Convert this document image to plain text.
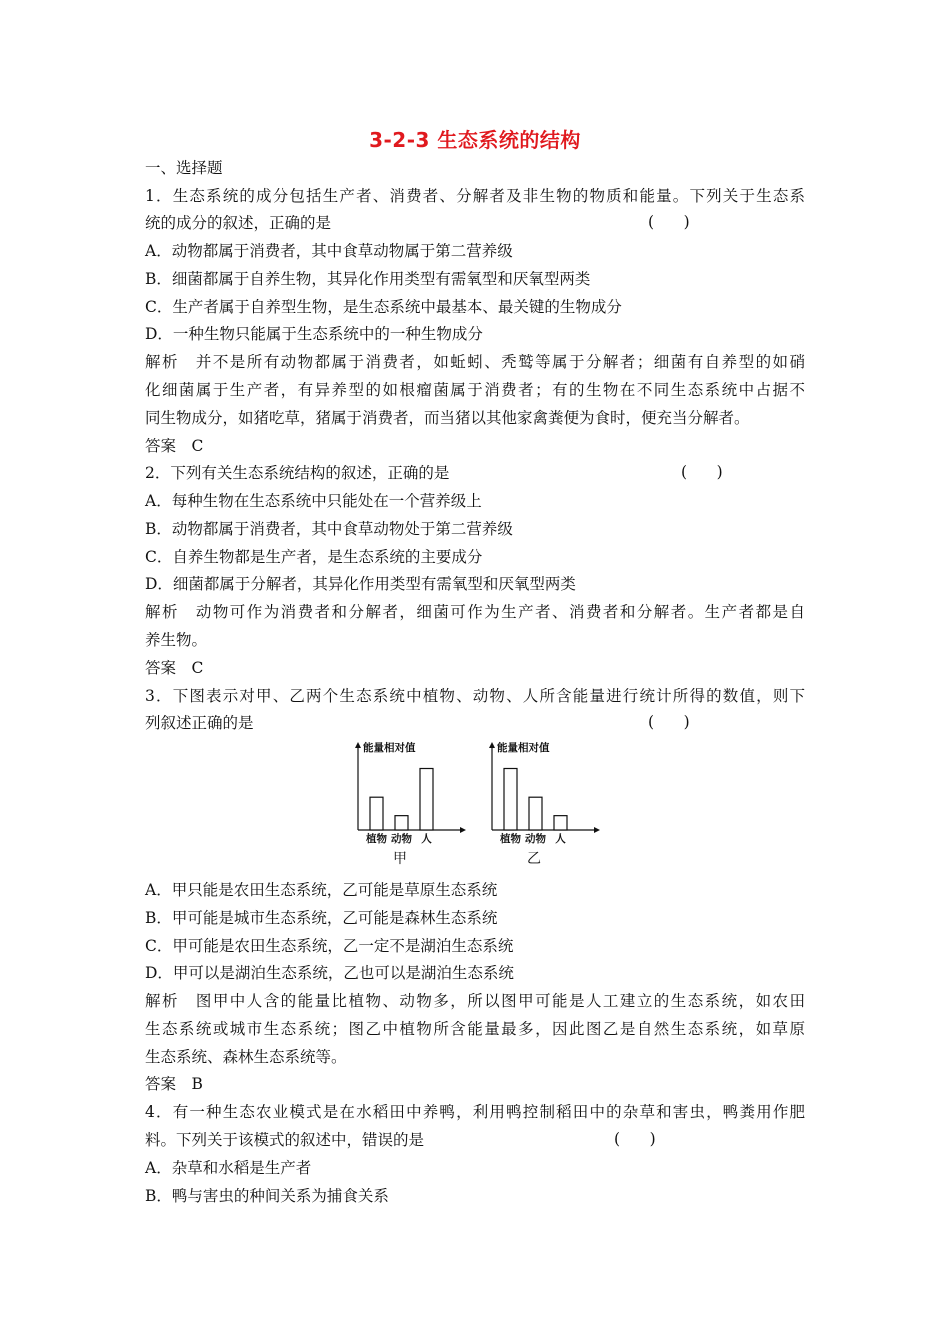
3-2-3 生态系统的结构
一、选择题
1．生态系统的成分包括生产者、消费者、分解者及非生物的物质和能量。下列关于生态系
统的成分的叙述，正确的是	(      )
A．动物都属于消费者，其中食草动物属于第二营养级
B．细菌都属于自养生物，其异化作用类型有需氧型和厌氧型两类
C．生产者属于自养型生物，是生态系统中最基本、最关键的生物成分
D．一种生物只能属于生态系统中的一种生物成分
解析　并不是所有动物都属于消费者，如蚯蚓、秃鹫等属于分解者；细菌有自养型的如硝
化细菌属于生产者，有异养型的如根瘤菌属于消费者；有的生物在不同生态系统中占据不
同生物成分，如猪吃草，猪属于消费者，而当猪以其他家禽粪便为食时，便充当分解者。
答案　C
2．下列有关生态系统结构的叙述，正确的是	(      )
A．每种生物在生态系统中只能处在一个营养级上
B．动物都属于消费者，其中食草动物处于第二营养级
C．自养生物都是生产者，是生态系统的主要成分
D．细菌都属于分解者，其异化作用类型有需氧型和厌氧型两类
解析　动物可作为消费者和分解者，细菌可作为生产者、消费者和分解者。生产者都是自
养生物。
答案　C
3．下图表示对甲、乙两个生态系统中植物、动物、人所含能量进行统计所得的数值，则下
列叙述正确的是	(      )
能量相对值
植物 动物 人
甲
能量相对值
植物 动物 人
乙
A．甲只能是农田生态系统，乙可能是草原生态系统
B．甲可能是城市生态系统，乙可能是森林生态系统
C．甲可能是农田生态系统，乙一定不是湖泊生态系统
D．甲可以是湖泊生态系统，乙也可以是湖泊生态系统
解析　图甲中人含的能量比植物、动物多，所以图甲可能是人工建立的生态系统，如农田
生态系统或城市生态系统；图乙中植物所含能量最多，因此图乙是自然生态系统，如草原
生态系统、森林生态系统等。
答案　B
4．有一种生态农业模式是在水稻田中养鸭，利用鸭控制稻田中的杂草和害虫，鸭粪用作肥
料。下列关于该模式的叙述中，错误的是	(      )
A．杂草和水稻是生产者
B．鸭与害虫的种间关系为捕食关系
